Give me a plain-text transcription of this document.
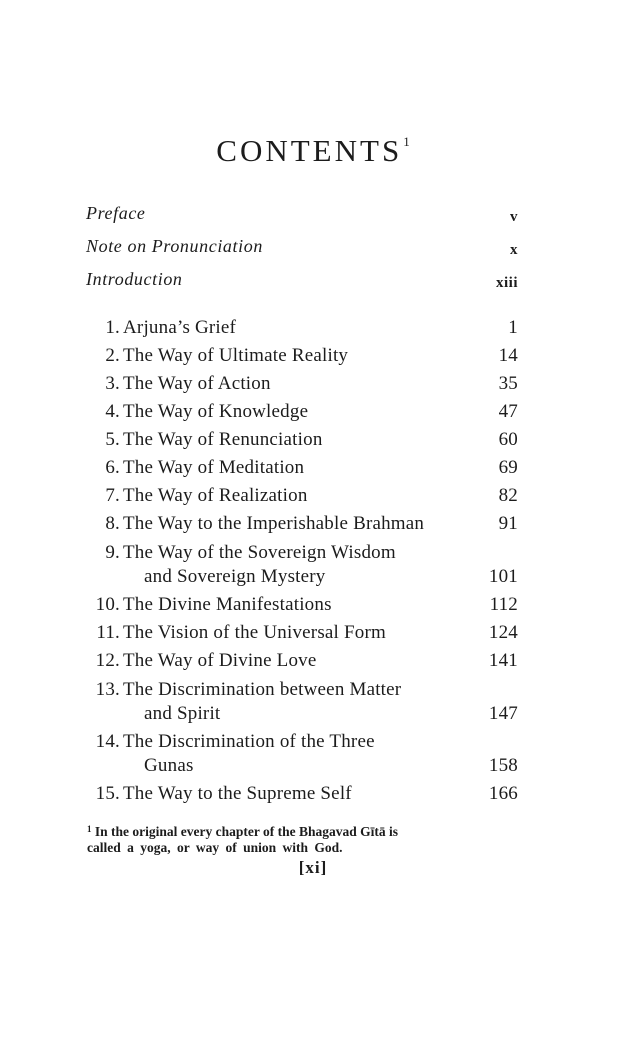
CONTENTS$^1$
Preface	v
Note on Pronunciation	x
Introduction	xiii
1. Arjuna’s Grief	1
2. The Way of Ultimate Reality	14
3. The Way of Action	35
4. The Way of Knowledge	47
5. The Way of Renunciation	60
6. The Way of Meditation	69
7. The Way of Realization	82
8. The Way to the Imperishable Brahman	91
9. The Way of the Sovereign Wisdom
and Sovereign Mystery	101
10. The Divine Manifestations	112
11. The Vision of the Universal Form	124
12. The Way of Divine Love	141
13. The Discrimination between Matter
and Spirit	147
14. The Discrimination of the Three
Gunas	158
15. The Way to the Supreme Self	166
$^1$ In the original every chapter of the Bhagavad Gītā is
called a yoga, or way of union with God.
[xi]
